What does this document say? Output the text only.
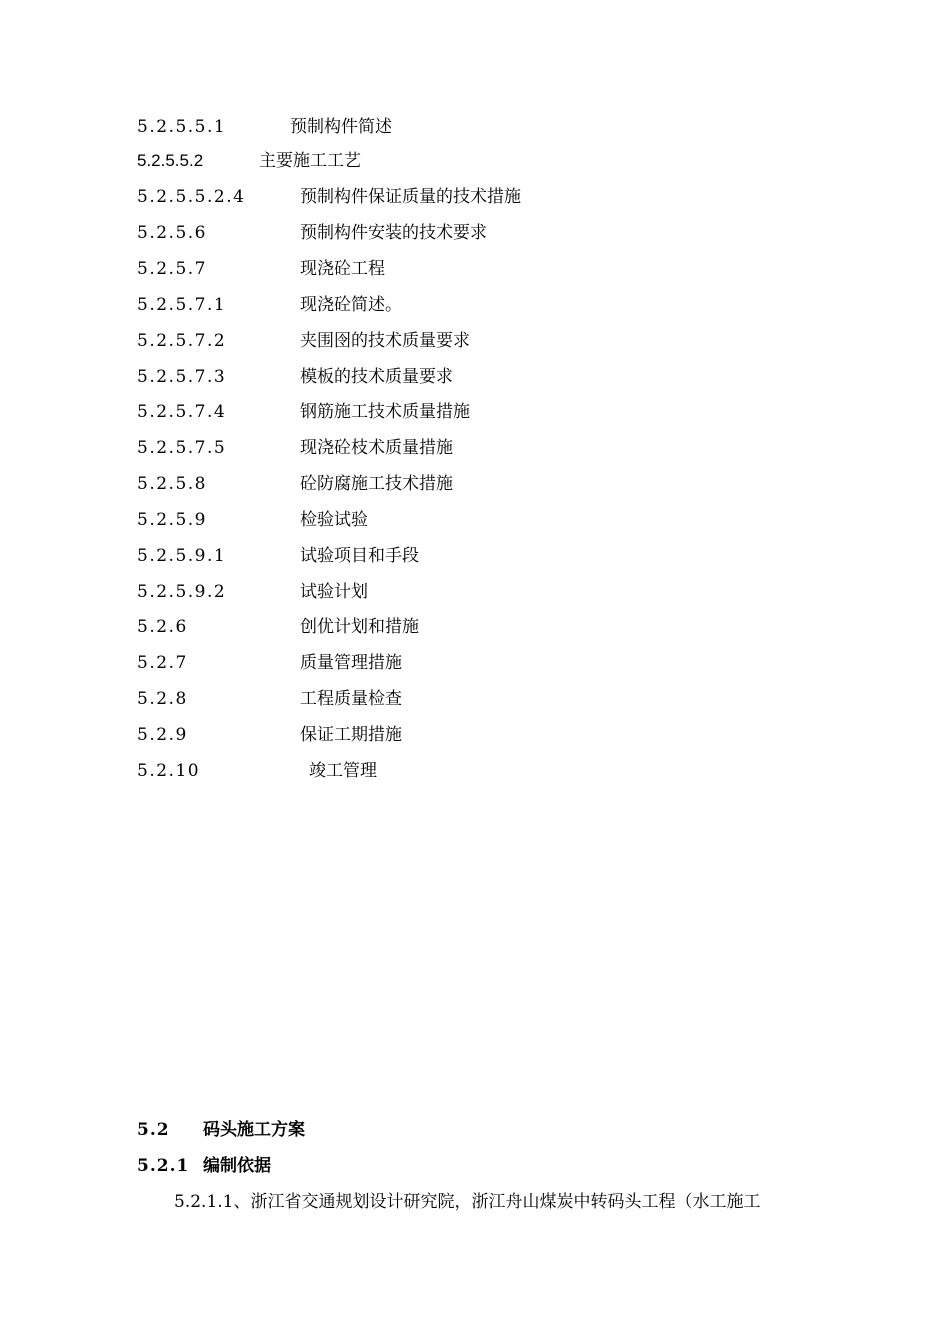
5.2.5.5.1	预制构件简述
5.2.5.5.2	主要施工工艺
5.2.5.5.2.4	预制构件保证质量的技术措施
5.2.5.6	预制构件安装的技术要求
5.2.5.7	现浇砼工程
5.2.5.7.1	现浇砼简述。
5.2.5.7.2	夹围囹的技术质量要求
5.2.5.7.3	模板的技术质量要求
5.2.5.7.4	钢筋施工技术质量措施
5.2.5.7.5	现浇砼枝术质量措施
5.2.5.8	砼防腐施工技术措施
5.2.5.9	检验试验
5.2.5.9.1	试验项目和手段
5.2.5.9.2	试验计划
5.2.6	创优计划和措施
5.2.7	质量管理措施
5.2.8	工程质量检查
5.2.9	保证工期措施
5.2.10	竣工管理
5.2 码头施工方案
5.2.1 编制依据
5.2.1.1、浙江省交通规划设计研究院，浙江舟山煤炭中转码头工程（水工施工
